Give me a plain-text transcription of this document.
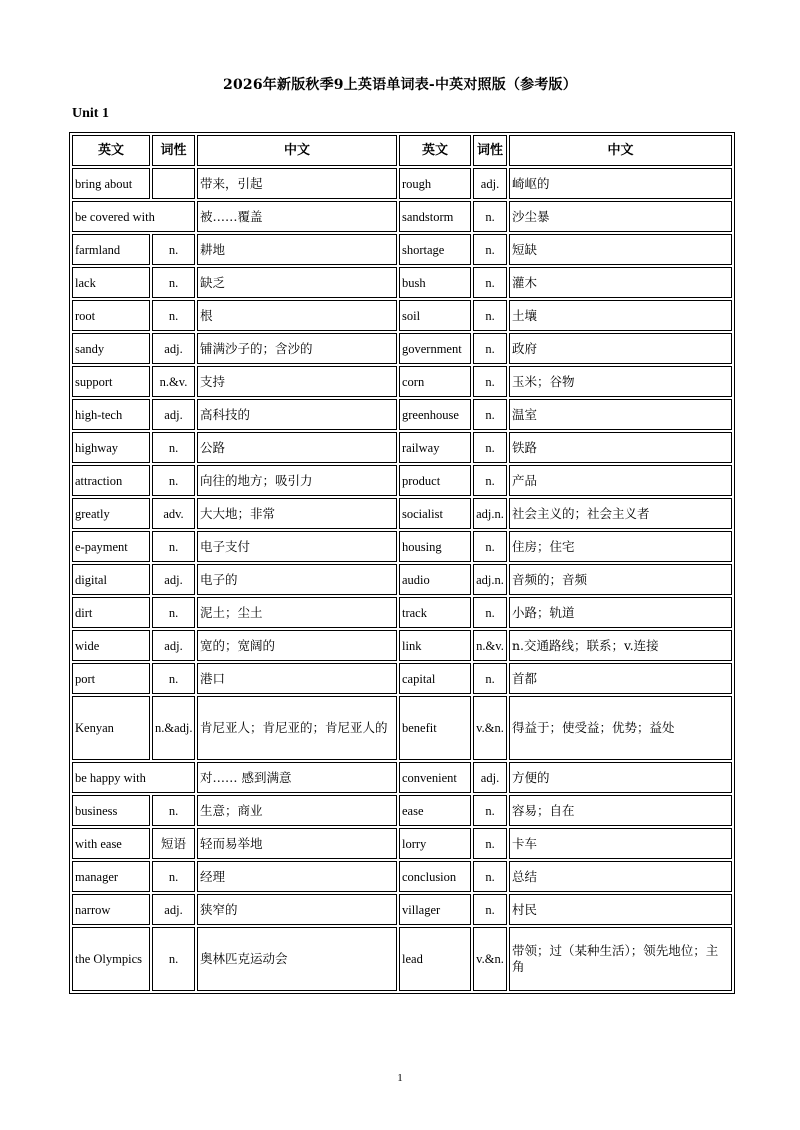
2026年新版秋季9上英语单词表-中英对照版（参考版）
Unit 1
英文	词性	中文	英文	词性	中文
bring about		带来，引起	rough	adj.	崎岖的
be covered with		被……覆盖	sandstorm	n.	沙尘暴
farmland	n.	耕地	shortage	n.	短缺
lack	n.	缺乏	bush	n.	灌木
root	n.	根	soil	n.	土壤
sandy	adj.	铺满沙子的；含沙的	government	n.	政府
support	n.&v.	支持	corn	n.	玉米；谷物
high-tech	adj.	高科技的	greenhouse	n.	温室
highway	n.	公路	railway	n.	铁路
attraction	n.	向往的地方；吸引力	product	n.	产品
greatly	adv.	大大地；非常	socialist	adj.n.	社会主义的；社会主义者
e-payment	n.	电子支付	housing	n.	住房；住宅
digital	adj.	电子的	audio	adj.n.	音频的；音频
dirt	n.	泥土；尘土	track	n.	小路；轨道
wide	adj.	宽的；宽阔的	link	n.&v.	n.交通路线；联系；v.连接
port	n.	港口	capital	n.	首都
Kenyan	n.&adj.	肯尼亚人；肯尼亚的；肯尼亚人的	benefit	v.&n.	得益于；使受益；优势；益处
be happy with		对…… 感到满意	convenient	adj.	方便的
business	n.	生意；商业	ease	n.	容易；自在
with ease	短语	轻而易举地	lorry	n.	卡车
manager	n.	经理	conclusion	n.	总结
narrow	adj.	狭窄的	villager	n.	村民
the Olympics	n.	奥林匹克运动会	lead	v.&n.	带领；过（某种生活）；领先地位；主角
1
